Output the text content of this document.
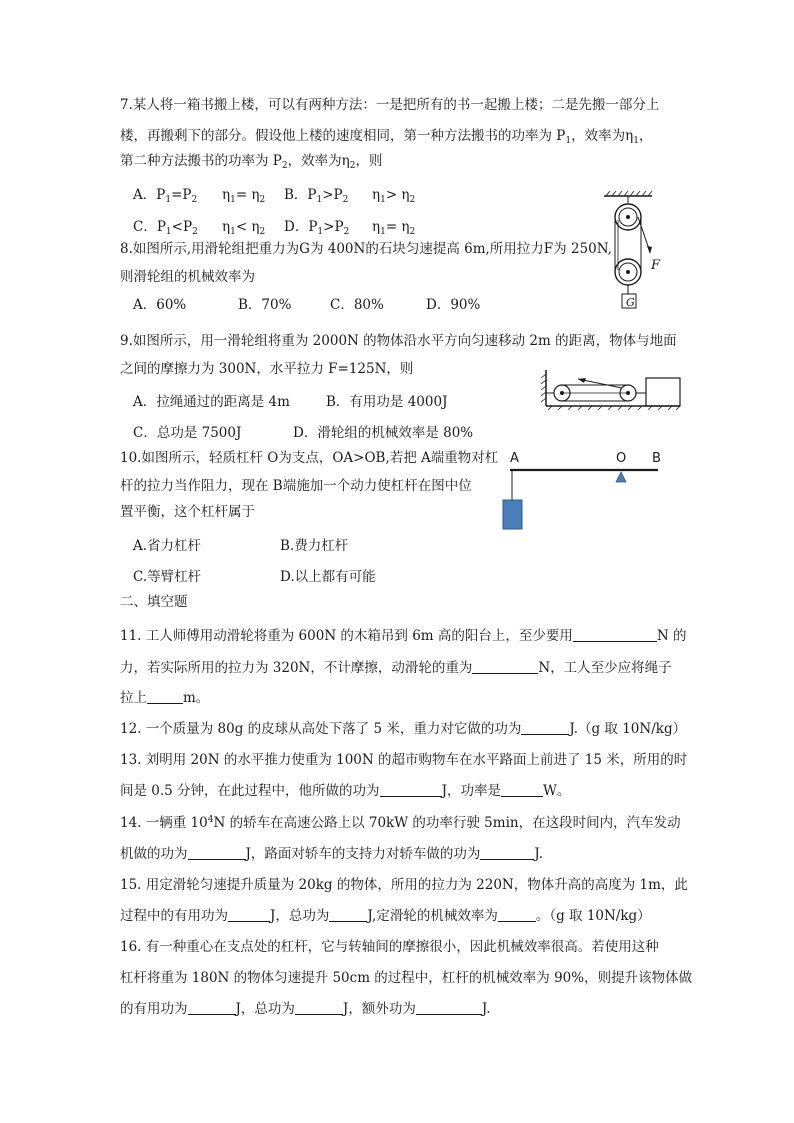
7.某人将一箱书搬上楼，可以有两种方法：一是把所有的书一起搬上楼；二是先搬一部分上
楼，再搬剩下的部分。假设他上楼的速度相同，第一种方法搬书的功率为 $P_1$，效率为$\eta_1$，
第二种方法搬书的功率为 $P_2$，效率为$\eta_2$，则
A．$P_1=P_2$ $\eta_1= \eta_2$ B．$P_1>P_2$ $\eta_1> \eta_2$
C．$P_1<P_2$ $\eta_1< \eta_2$ D．$P_1>P_2$ $\eta_1= \eta_2$
8.如图所示,用滑轮组把重力为G为 400N的石块匀速提高 6m,所用拉力F为 250N,
则滑轮组的机械效率为
A．60%	B．70%	C．80%	D．90%
F
G
9.如图所示，用一滑轮组将重为 2000N 的物体沿水平方向匀速移动 2m 的距离，物体与地面
之间的摩擦力为 300N，水平拉力 F=125N，则
A．拉绳通过的距离是 4m	B．有用功是 4000J
C．总功是 7500J	D．滑轮组的机械效率是 80%
10.如图所示，轻质杠杆 O为支点，OA>OB,若把 A端重物对杠
杆的拉力当作阻力，现在 B端施加一个动力使杠杆在图中位
置平衡，这个杠杆属于
A.省力杠杆	B.费力杠杆
C.等臂杠杆	D.以上都有可能
A	O B
二、填空题
11. 工人师傅用动滑轮将重为 600N 的木箱吊到 6m 高的阳台上，至少要用	N 的
力，若实际所用的拉力为 320N，不计摩擦，动滑轮的重为	N，工人至少应将绳子
拉上	m。
12. 一个质量为 80g 的皮球从高处下落了 5 米，重力对它做的功为	J.（g 取 10N/kg）
13. 刘明用 20N 的水平推力使重为 100N 的超市购物车在水平路面上前进了 15 米，所用的时
间是 0.5 分钟，在此过程中，他所做的功为	J，功率是	W。
14. 一辆重 $10^4N$ 的轿车在高速公路上以 70kW 的功率行驶 5min，在这段时间内，汽车发动
机做的功为	J，路面对轿车的支持力对轿车做的功为	J.
15. 用定滑轮匀速提升质量为 20kg 的物体，所用的拉力为 220N，物体升高的高度为 1m，此
过程中的有用功为	J，总功为	J,定滑轮的机械效率为	。（g 取 10N/kg）
16. 有一种重心在支点处的杠杆，它与转轴间的摩擦很小，因此机械效率很高。若使用这种
杠杆将重为 180N 的物体匀速提升 50cm 的过程中，杠杆的机械效率为 90%，则提升该物体做
的有用功为	J，总功为	J，额外功为	J.
